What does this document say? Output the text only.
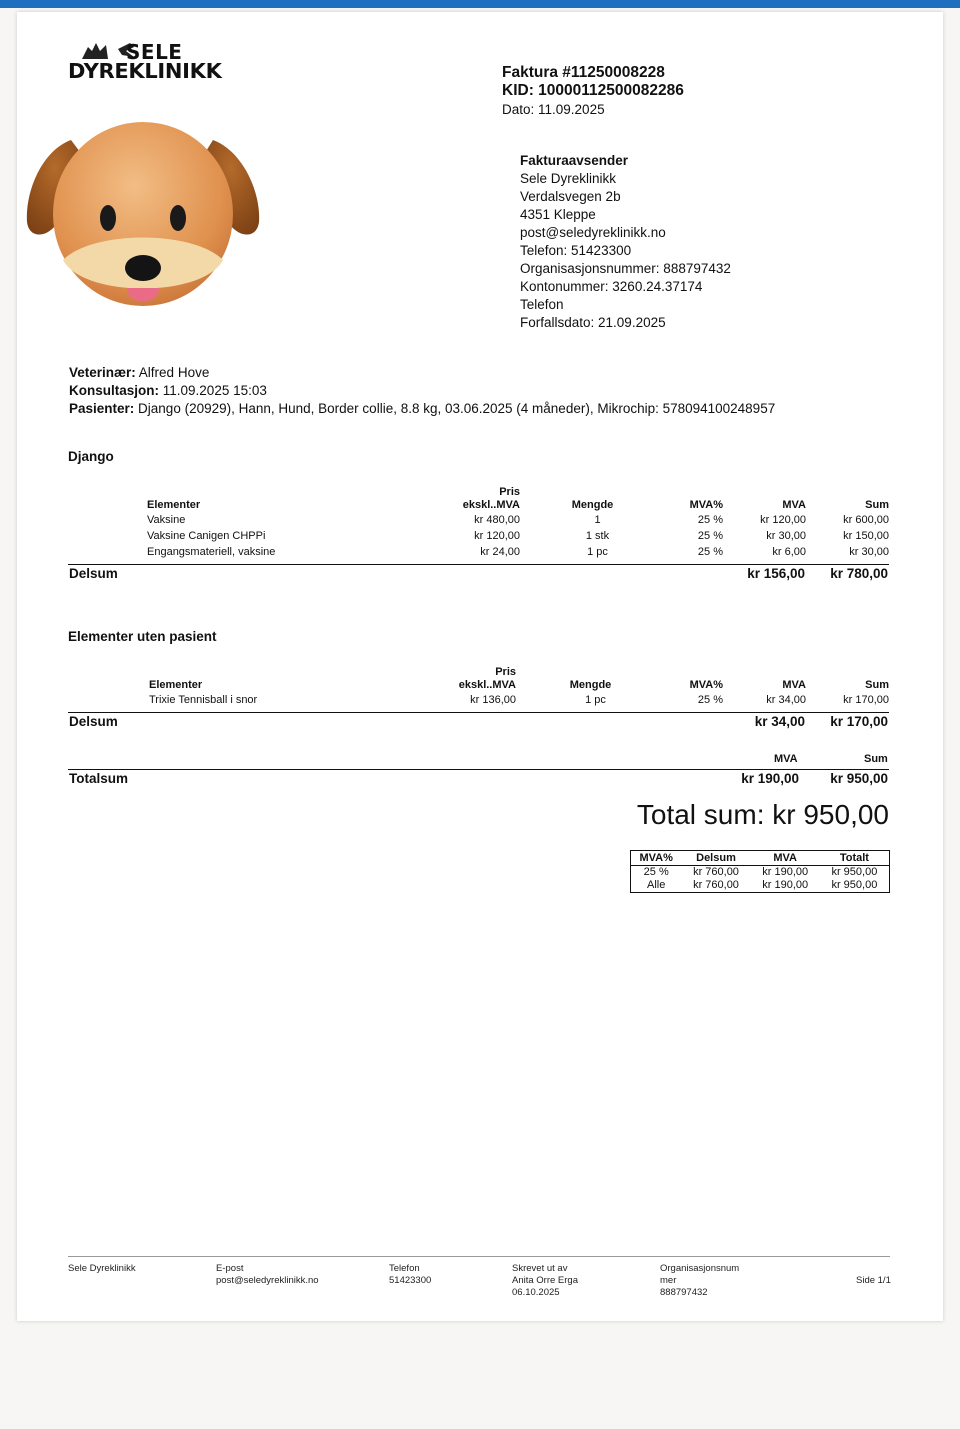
SELE
DYREKLINIKK	Faktura #11250008228
KID: 10000112500082286
Dato: 11.09.2025
Fakturaavsender
Sele Dyreklinikk
Verdalsvegen 2b
4351 Kleppe
post@seledyreklinikk.no
Telefon: 51423300
Organisasjonsnummer: 888797432
Kontonummer: 3260.24.37174
Telefon
Forfallsdato: 21.09.2025
Veterinær: Alfred Hove
Konsultasjon: 11.09.2025 15:03
Pasienter: Django (20929), Hann, Hund, Border collie, 8.8 kg, 03.06.2025 (4 måneder), Mikrochip: 578094100248957
Django
Elementer	Pris
ekskl..MVA	Mengde	MVA%	MVA	Sum
Vaksine	kr 480,00	1	25 %	kr 120,00	kr 600,00
Vaksine Canigen CHPPi	kr 120,00	1 stk	25 %	kr 30,00	kr 150,00
Engangsmateriell, vaksine	kr 24,00	1 pc	25 %	kr 6,00	kr 30,00
Delsum	kr 156,00 kr 780,00
Elementer uten pasient
Elementer	Pris
ekskl..MVA	Mengde	MVA%	MVA	Sum
Trixie Tennisball i snor	kr 136,00	1 pc	25 %	kr 34,00	kr 170,00
Delsum	kr 34,00 kr 170,00
MVA	Sum
Totalsum	kr 190,00 kr 950,00
Total sum: kr 950,00
MVA%	Delsum	MVA	Totalt
25 %	kr 760,00	kr 190,00	kr 950,00
Alle	kr 760,00	kr 190,00	kr 950,00
Sele Dyreklinikk	E-post
post@seledyreklinikk.no
Telefon
51423300
Skrevet ut av
Anita Orre Erga
06.10.2025
Organisasjonsnum
mer
888797432
Side 1/1
